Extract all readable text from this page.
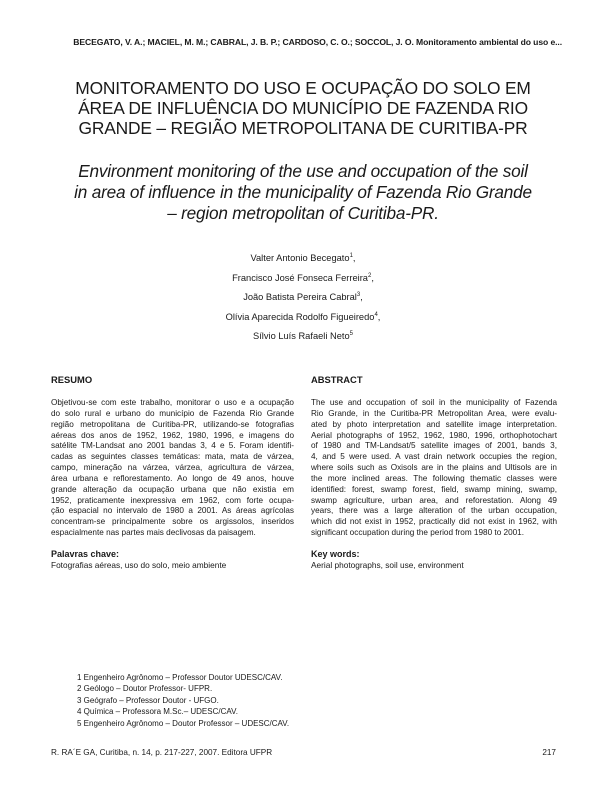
BECEGATO, V. A.; MACIEL, M. M.; CABRAL, J. B. P.; CARDOSO, C. O.; SOCCOL, J. O. Monitoramento ambiental do uso e...
MONITORAMENTO DO USO E OCUPAÇÃO DO SOLO EM
ÁREA DE INFLUÊNCIA DO MUNICÍPIO DE FAZENDA RIO
GRANDE – REGIÃO METROPOLITANA DE CURITIBA-PR
Environment monitoring of the use and occupation of the soil
in area of influence in the municipality of Fazenda Rio Grande
– region metropolitan of Curitiba-PR.
Valter Antonio Becegato$^1$,
Francisco José Fonseca Ferreira$^2$,
João Batista Pereira Cabral$^3$,
Olívia Aparecida Rodolfo Figueiredo$^4$,
Sílvio Luís Rafaeli Neto$^5$
RESUMO
Objetivou-se com este trabalho, monitorar o uso e a ocupação
do solo rural e urbano do município de Fazenda Rio Grande
região metropolitana de Curitiba-PR, utilizando-se fotografias
aéreas dos anos de 1952, 1962, 1980, 1996, e imagens do
satélite TM-Landsat ano 2001 bandas 3, 4 e 5. Foram identifi-
cadas as seguintes classes temáticas: mata, mata de várzea,
campo, mineração na várzea, várzea, agricultura de várzea,
área urbana e reflorestamento. Ao longo de 49 anos, houve
grande alteração da ocupação urbana que não existia em
1952, praticamente inexpressiva em 1962, com forte ocupa-
ção espacial no intervalo de 1980 a 2001. As áreas agrícolas
concentram-se principalmente sobre os argissolos, inseridos
espacialmente nas partes mais declivosas da paisagem.
Palavras chave:
Fotografias aéreas, uso do solo, meio ambiente
ABSTRACT
The use and occupation of soil in the municipality of Fazenda
Rio Grande, in the Curitiba-PR Metropolitan Area, were evalu-
ated by photo interpretation and satellite image interpretation.
Aerial photographs of 1952, 1962, 1980, 1996, orthophotochart
of 1980 and TM-Landsat/5 satellite images of 2001, bands 3,
4, and 5 were used. A vast drain network occupies the region,
where soils such as Oxisols are in the plains and Ultisols are in
the more inclined areas. The following thematic classes were
identified: forest, swamp forest, field, swamp mining, swamp,
swamp agriculture, urban area, and reforestation. Along 49
years, there was a large alteration of the urban occupation,
which did not exist in 1952, practically did not exist in 1962, with
significant occupation during the period from 1980 to 2001.
Key words:
Aerial photographs, soil use, environment
1 Engenheiro Agrônomo – Professor Doutor UDESC/CAV.
2 Geólogo – Doutor Professor- UFPR.
3 Geógrafo – Professor Doutor - UFGO.
4 Química – Professora M.Sc.– UDESC/CAV.
5 Engenheiro Agrônomo – Doutor Professor – UDESC/CAV.
R. RA´E GA, Curitiba, n. 14, p. 217-227, 2007. Editora UFPR	217
